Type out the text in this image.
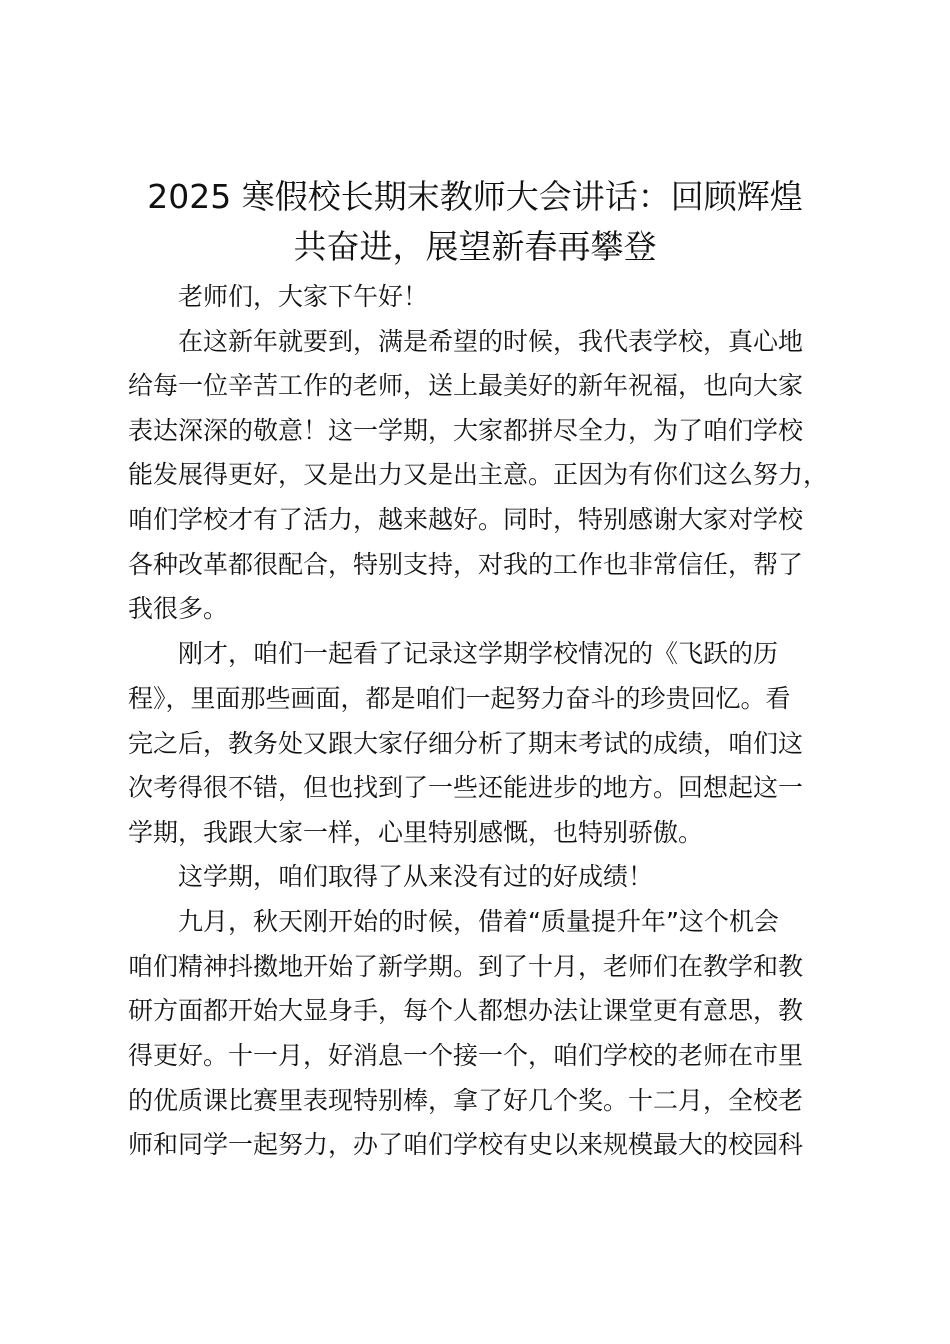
2025 寒假校长期末教师大会讲话：回顾辉煌
共奋进，展望新春再攀登

老师们，大家下午好！

在这新年就要到，满是希望的时候，我代表学校，真心地

给每一位辛苦工作的老师，送上最美好的新年祝福，也向大家

表达深深的敬意！这一学期，大家都拼尽全力，为了咱们学校

能发展得更好，又是出力又是出主意。正因为有你们这么努力，

咱们学校才有了活力，越来越好。同时，特别感谢大家对学校

各种改革都很配合，特别支持，对我的工作也非常信任，帮了

我很多。

刚才，咱们一起看了记录这学期学校情况的《飞跃的历

程》，里面那些画面，都是咱们一起努力奋斗的珍贵回忆。看

完之后，教务处又跟大家仔细分析了期末考试的成绩，咱们这

次考得很不错，但也找到了一些还能进步的地方。回想起这一

学期，我跟大家一样，心里特别感慨，也特别骄傲。

这学期，咱们取得了从来没有过的好成绩！

九月，秋天刚开始的时候，借着“质量提升年”这个机会

咱们精神抖擞地开始了新学期。到了十月，老师们在教学和教

研方面都开始大显身手，每个人都想办法让课堂更有意思，教

得更好。十一月，好消息一个接一个，咱们学校的老师在市里

的优质课比赛里表现特别棒，拿了好几个奖。十二月，全校老

师和同学一起努力，办了咱们学校有史以来规模最大的校园科
